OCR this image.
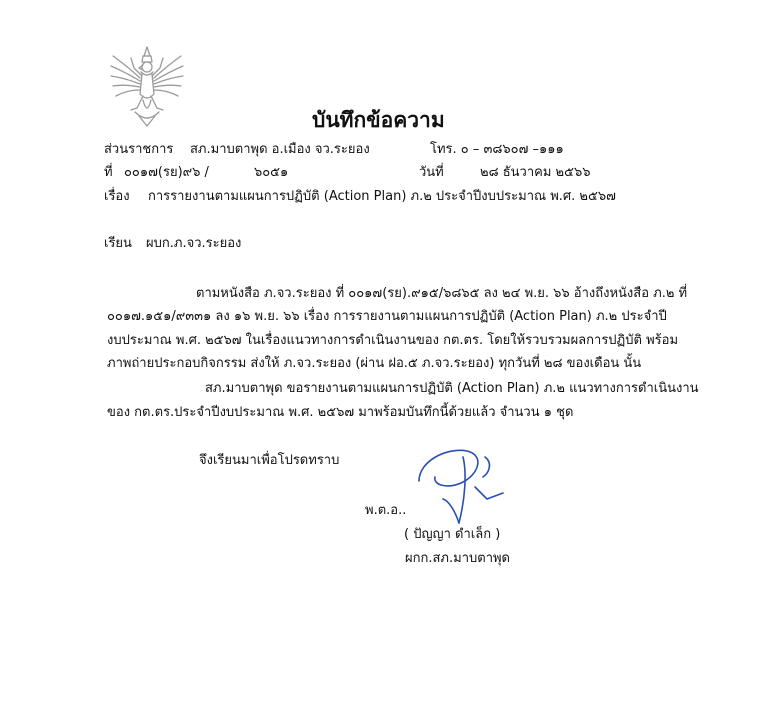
บันทึกข้อความ
ส่วนราชการ สภ.มาบตาพุด อ.เมือง จว.ระยอง	โทร. ๐ – ๓๘๖๐๗ –๑๑๑
ที่ ๐๐๑๗(รย)๙๖ /	๖๐๕๑	วันที่	๒๘ ธันวาคม ๒๕๖๖
เรื่อง การรายงานตามแผนการปฏิบัติ (Action Plan) ภ.๒ ประจำปีงบประมาณ พ.ศ. ๒๕๖๗
เรียน ผบก.ภ.จว.ระยอง
ตามหนังสือ ภ.จว.ระยอง ที่ ๐๐๑๗(รย).๙๑๕/๖๘๖๕ ลง ๒๔ พ.ย. ๖๖ อ้างถึงหนังสือ ภ.๒ ที่
๐๐๑๗.๑๕๑/๙๓๓๑ ลง ๑๖ พ.ย. ๖๖ เรื่อง การรายงานตามแผนการปฏิบัติ (Action Plan) ภ.๒ ประจำปี
งบประมาณ พ.ศ. ๒๕๖๗ ในเรื่องแนวทางการดำเนินงานของ กต.ตร. โดยให้รวบรวมผลการปฏิบัติ พร้อม
ภาพถ่ายประกอบกิจกรรม ส่งให้ ภ.จว.ระยอง (ผ่าน ฝอ.๕ ภ.จว.ระยอง) ทุกวันที่ ๒๘ ของเดือน นั้น
สภ.มาบตาพุด ขอรายงานตามแผนการปฏิบัติ (Action Plan) ภ.๒ แนวทางการดำเนินงาน
ของ กต.ตร.ประจำปีงบประมาณ พ.ศ. ๒๕๖๗ มาพร้อมบันทึกนี้ด้วยแล้ว จำนวน ๑ ชุด
จึงเรียนมาเพื่อโปรดทราบ
พ.ต.อ..
( ปัญญา ดำเล็ก )
ผกก.สภ.มาบตาพุด
